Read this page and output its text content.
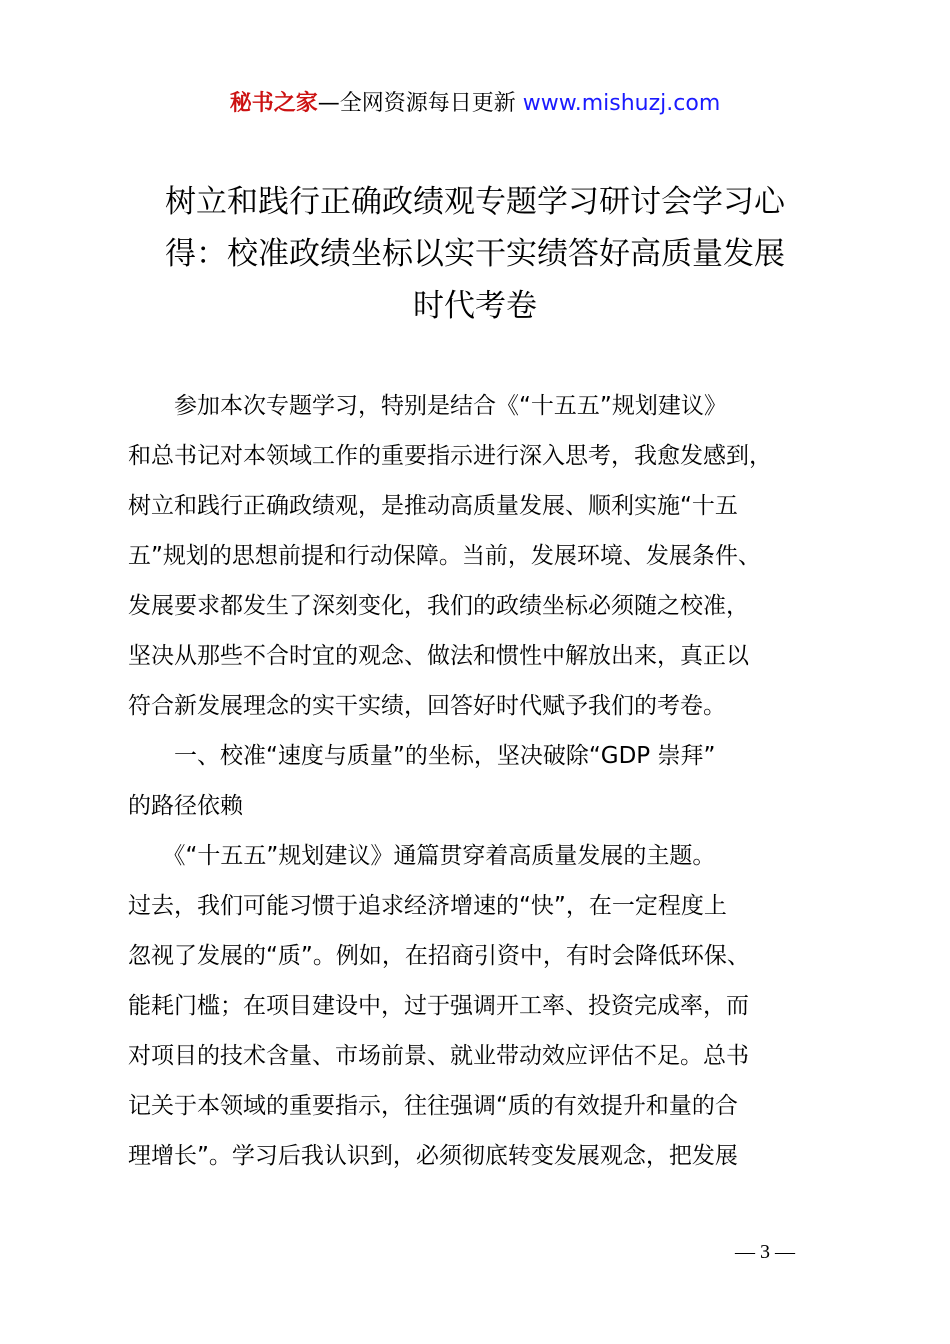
秘书之家—全网资源每日更新 www.mishuzj.com
树立和践行正确政绩观专题学习研讨会学习心
得：校准政绩坐标以实干实绩答好高质量发展
时代考卷
　　参加本次专题学习，特别是结合《“十五五”规划建议》
和总书记对本领域工作的重要指示进行深入思考，我愈发感到，
树立和践行正确政绩观，是推动高质量发展、顺利实施“十五
五”规划的思想前提和行动保障。当前，发展环境、发展条件、
发展要求都发生了深刻变化，我们的政绩坐标必须随之校准，
坚决从那些不合时宜的观念、做法和惯性中解放出来，真正以
符合新发展理念的实干实绩，回答好时代赋予我们的考卷。
　　一、校准“速度与质量”的坐标，坚决破除“GDP 崇拜”
的路径依赖
　　《“十五五”规划建议》通篇贯穿着高质量发展的主题。
过去，我们可能习惯于追求经济增速的“快”，在一定程度上
忽视了发展的“质”。例如，在招商引资中，有时会降低环保、
能耗门槛；在项目建设中，过于强调开工率、投资完成率，而
对项目的技术含量、市场前景、就业带动效应评估不足。总书
记关于本领域的重要指示，往往强调“质的有效提升和量的合
理增长”。学习后我认识到，必须彻底转变发展观念，把发展
— 3 —
